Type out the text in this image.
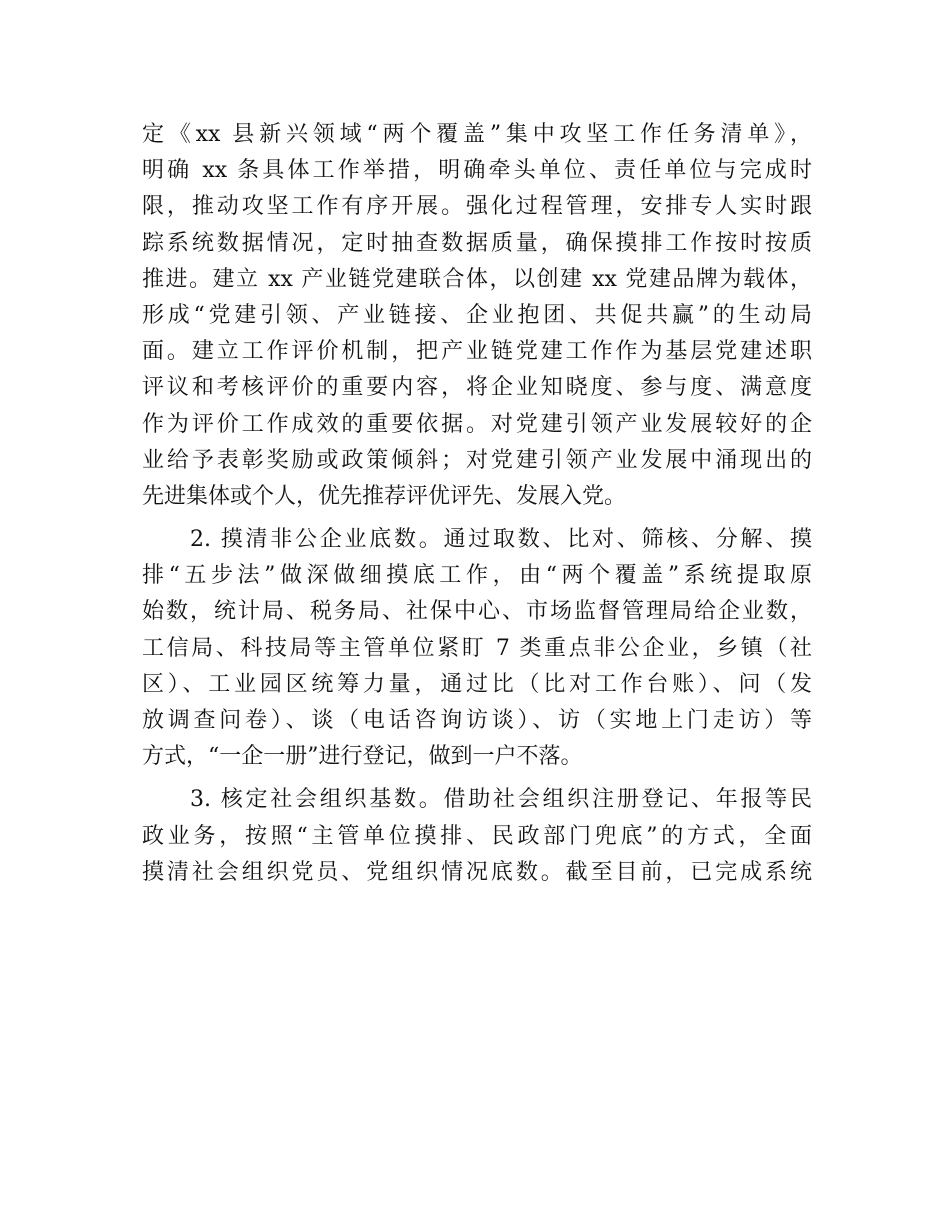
定《xx 县新兴领域“两个覆盖”集中攻坚工作任务清单》，
明确 xx 条具体工作举措，明确牵头单位、责任单位与完成时
限，推动攻坚工作有序开展。强化过程管理，安排专人实时跟
踪系统数据情况，定时抽查数据质量，确保摸排工作按时按质
推进。建立 xx 产业链党建联合体，以创建 xx 党建品牌为载体，
形成“党建引领、产业链接、企业抱团、共促共赢”的生动局
面。建立工作评价机制，把产业链党建工作作为基层党建述职
评议和考核评价的重要内容，将企业知晓度、参与度、满意度
作为评价工作成效的重要依据。对党建引领产业发展较好的企
业给予表彰奖励或政策倾斜；对党建引领产业发展中涌现出的
先进集体或个人，优先推荐评优评先、发展入党。
2. 摸清非公企业底数。通过取数、比对、筛核、分解、摸
排“五步法”做深做细摸底工作，由“两个覆盖”系统提取原
始数，统计局、税务局、社保中心、市场监督管理局给企业数，
工信局、科技局等主管单位紧盯 7 类重点非公企业，乡镇（社
区）、工业园区统筹力量，通过比（比对工作台账）、问（发
放调查问卷）、谈（电话咨询访谈）、访（实地上门走访）等
方式，“一企一册”进行登记，做到一户不落。
3. 核定社会组织基数。借助社会组织注册登记、年报等民
政业务，按照“主管单位摸排、民政部门兜底”的方式，全面
摸清社会组织党员、党组织情况底数。截至目前，已完成系统
